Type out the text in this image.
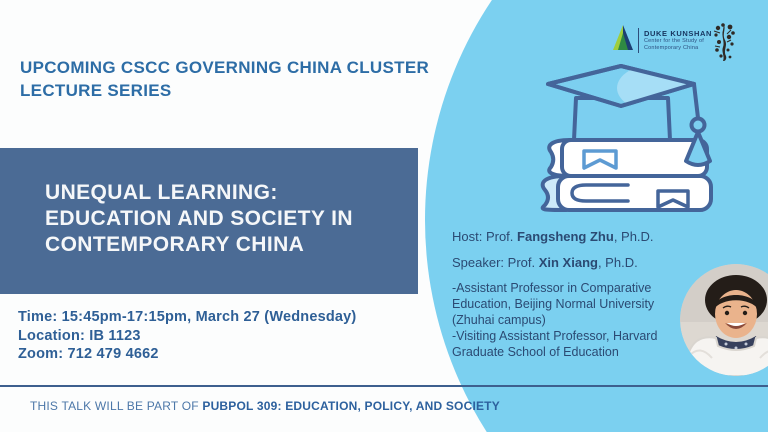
UPCOMING CSCC GOVERNING CHINA CLUSTER
LECTURE SERIES
UNEQUAL LEARNING:
EDUCATION AND SOCIETY IN
CONTEMPORARY CHINA
Time: 15:45pm-17:15pm, March 27 (Wednesday)
Location: IB 1123
Zoom: 712 479 4662
THIS TALK WILL BE PART OF PUBPOL 309: EDUCATION, POLICY, AND SOCIETY
DUKE KUNSHAN
Center for the Study of
Contemporary China
Host: Prof. Fangsheng Zhu, Ph.D.
Speaker: Prof. Xin Xiang, Ph.D.
-Assistant Professor in Comparative Education, Beijing Normal University (Zhuhai campus)
-Visiting Assistant Professor, Harvard Graduate School of Education
